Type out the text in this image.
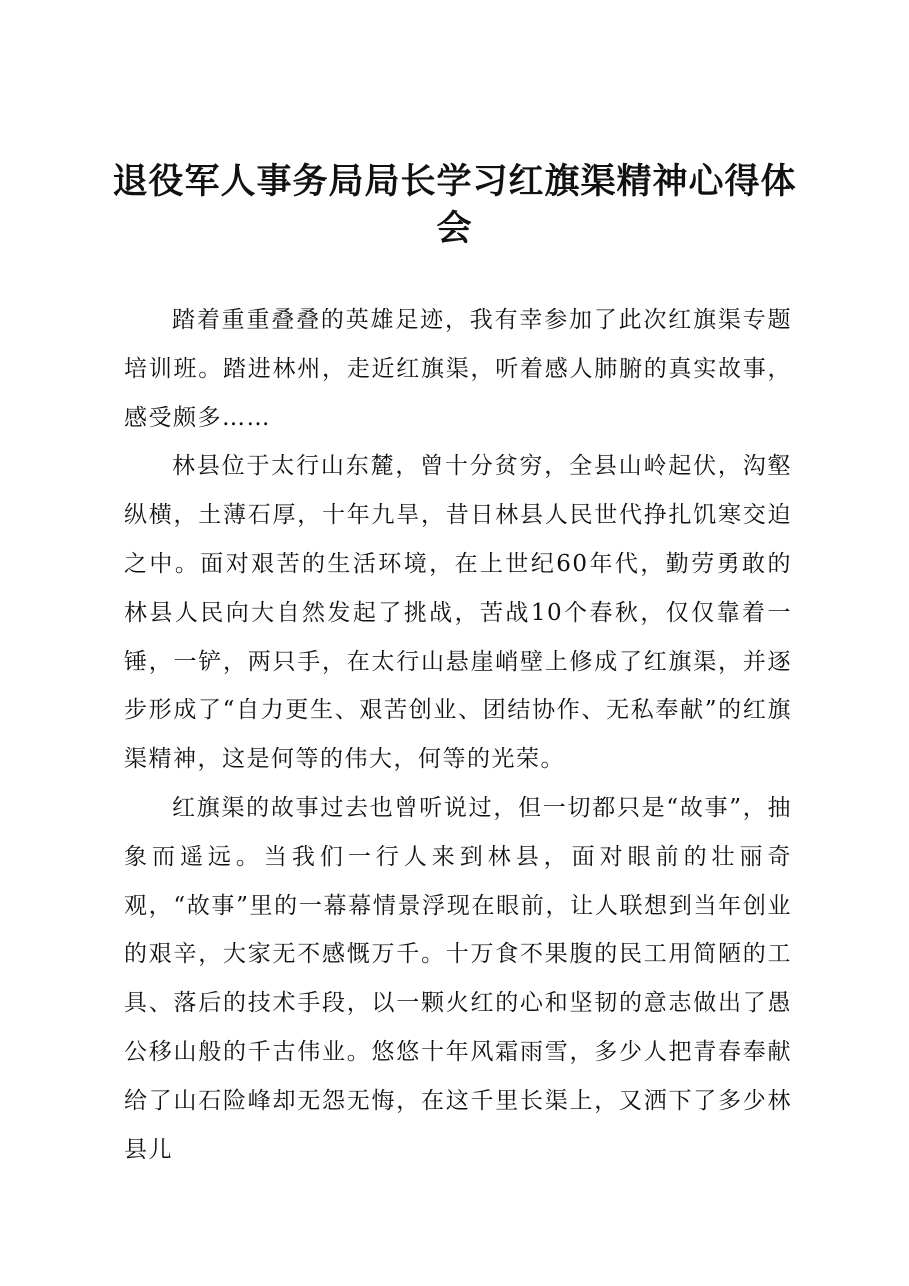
退役军人事务局局长学习红旗渠精神心得体会

踏着重重叠叠的英雄足迹，我有幸参加了此次红旗渠专题培训班。踏进林州，走近红旗渠，听着感人肺腑的真实故事，感受颇多……

林县位于太行山东麓，曾十分贫穷，全县山岭起伏，沟壑纵横，土薄石厚，十年九旱，昔日林县人民世代挣扎饥寒交迫之中。面对艰苦的生活环境，在上世纪60年代，勤劳勇敢的林县人民向大自然发起了挑战，苦战10个春秋，仅仅靠着一锤，一铲，两只手，在太行山悬崖峭壁上修成了红旗渠，并逐步形成了“自力更生、艰苦创业、团结协作、无私奉献”的红旗渠精神，这是何等的伟大，何等的光荣。

红旗渠的故事过去也曾听说过，但一切都只是“故事”，抽象而遥远。当我们一行人来到林县，面对眼前的壮丽奇观，“故事”里的一幕幕情景浮现在眼前，让人联想到当年创业的艰辛，大家无不感慨万千。十万食不果腹的民工用简陋的工具、落后的技术手段，以一颗火红的心和坚韧的意志做出了愚公移山般的千古伟业。悠悠十年风霜雨雪，多少人把青春奉献给了山石险峰却无怨无悔，在这千里长渠上，又洒下了多少林县儿
